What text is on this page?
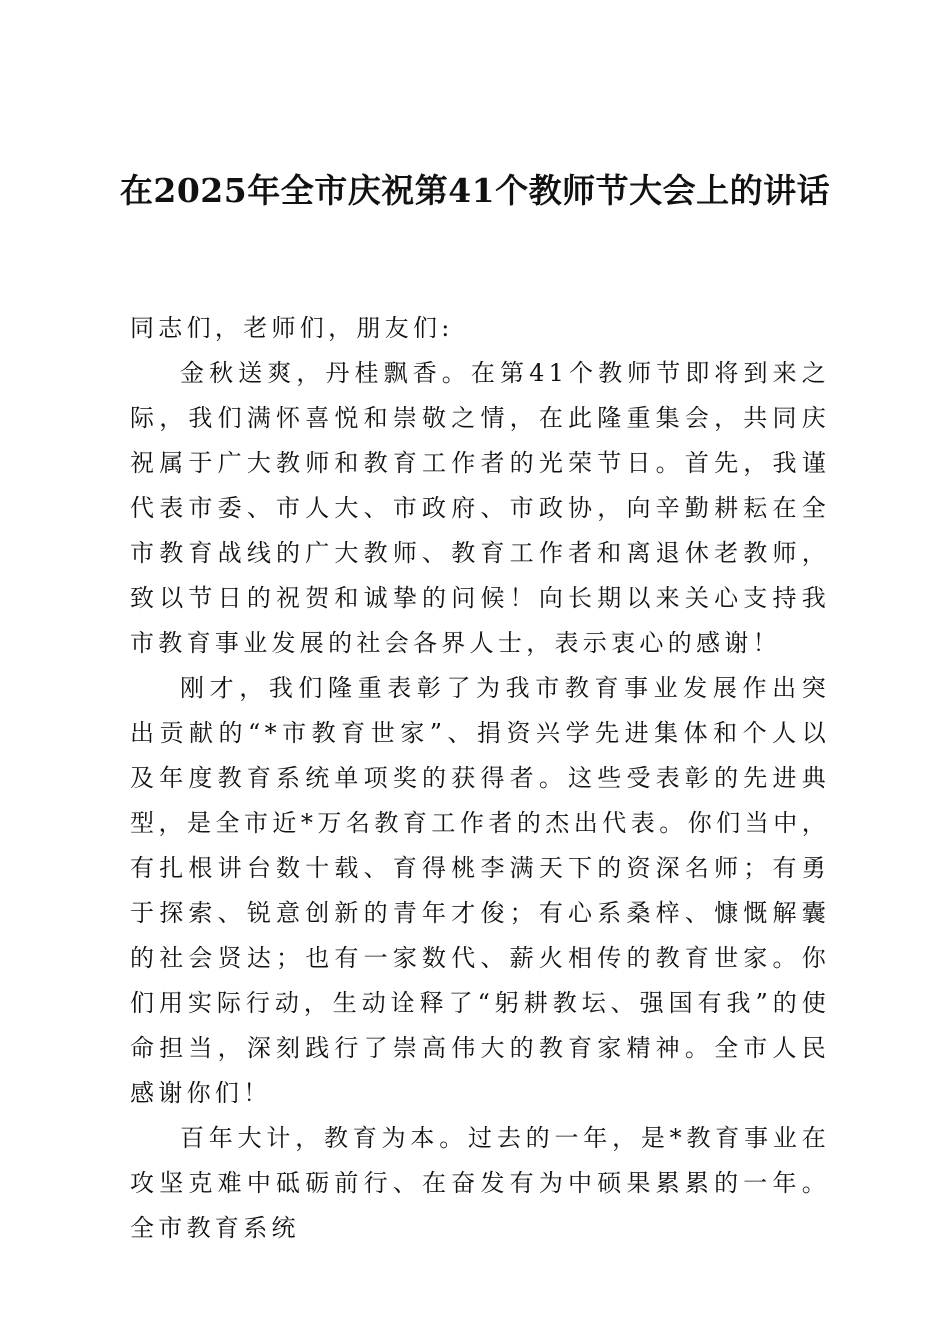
在2025年全市庆祝第41个教师节大会上的讲话

同志们，老师们，朋友们:

金秋送爽，丹桂飘香。在第41个教师节即将到来之际，我们满怀喜悦和崇敬之情，在此隆重集会，共同庆祝属于广大教师和教育工作者的光荣节日。首先，我谨代表市委、市人大、市政府、市政协，向辛勤耕耘在全市教育战线的广大教师、教育工作者和离退休老教师，致以节日的祝贺和诚挚的问候！向长期以来关心支持我市教育事业发展的社会各界人士，表示衷心的感谢！

刚才，我们隆重表彰了为我市教育事业发展作出突出贡献的“*市教育世家”、捐资兴学先进集体和个人以及年度教育系统单项奖的获得者。这些受表彰的先进典型，是全市近*万名教育工作者的杰出代表。你们当中，有扎根讲台数十载、育得桃李满天下的资深名师；有勇于探索、锐意创新的青年才俊；有心系桑梓、慷慨解囊的社会贤达；也有一家数代、薪火相传的教育世家。你们用实际行动，生动诠释了“躬耕教坛、强国有我”的使命担当，深刻践行了崇高伟大的教育家精神。全市人民感谢你们！

百年大计，教育为本。过去的一年，是*教育事业在攻坚克难中砥砺前行、在奋发有为中硕果累累的一年。全市教育系统
